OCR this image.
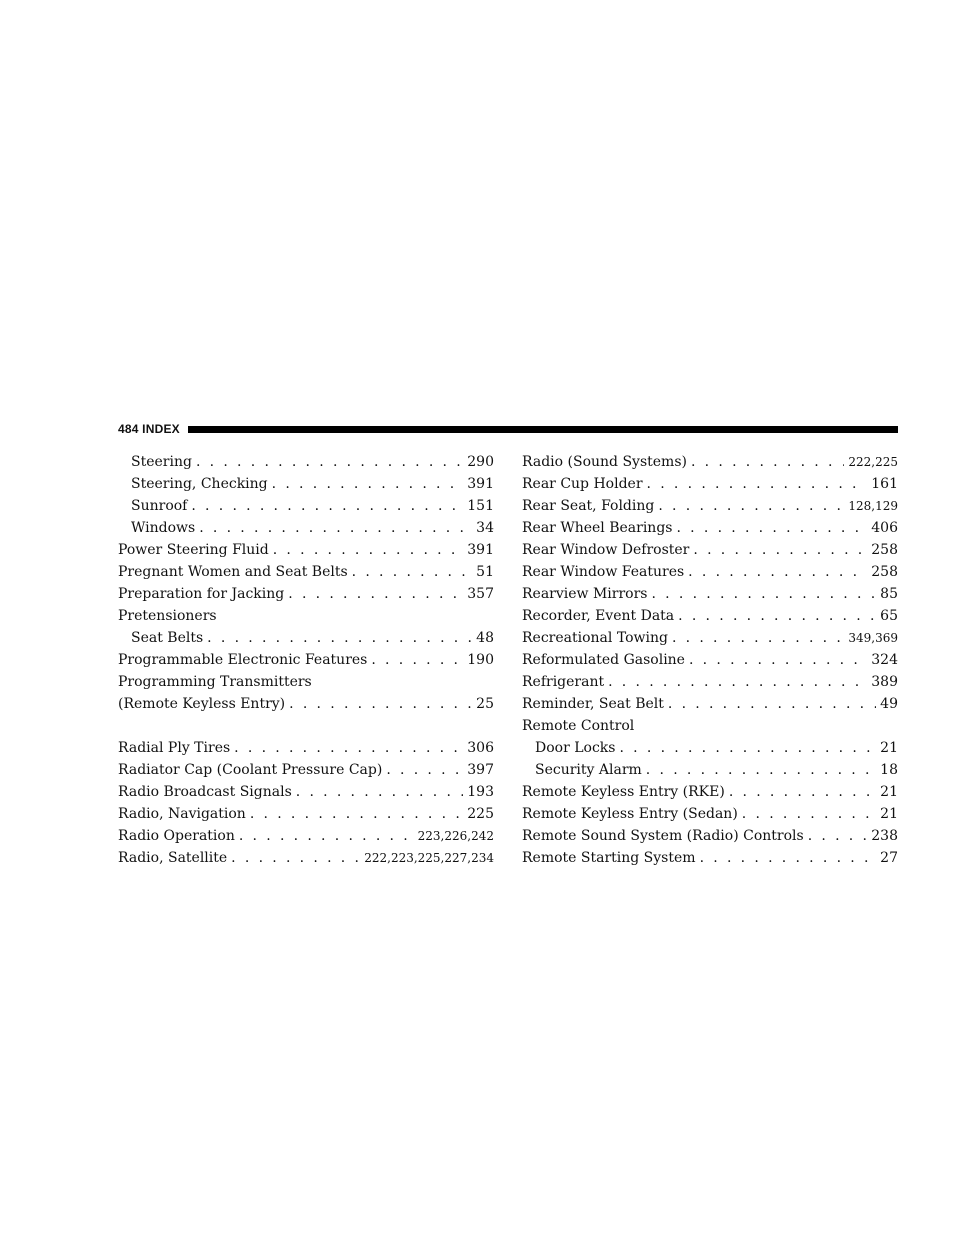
484 INDEX
Steering . . .	290
Steering, Checking . . .	391
Sunroof . . .	151
Windows . . .	34
Power Steering Fluid . . .	391
Pregnant Women and Seat Belts . . .	51
Preparation for Jacking . . .	357
Pretensioners
Seat Belts . . .	48
Programmable Electronic Features . . .	190
Programming Transmitters
(Remote Keyless Entry) . . .	25
Radial Ply Tires . . .	306
Radiator Cap (Coolant Pressure Cap) . . .	397
Radio Broadcast Signals . . .	193
Radio, Navigation . . .	225
Radio Operation . . .	223,226,242
Radio, Satellite . . .	222,223,225,227,234
Radio (Sound Systems) . . .	222,225
Rear Cup Holder . . .	161
Rear Seat, Folding . . .	128,129
Rear Wheel Bearings . . .	406
Rear Window Defroster . . .	258
Rear Window Features . . .	258
Rearview Mirrors . . .	85
Recorder, Event Data . . .	65
Recreational Towing . . .	349,369
Reformulated Gasoline . . .	324
Refrigerant . . .	389
Reminder, Seat Belt . . .	49
Remote Control
Door Locks . . .	21
Security Alarm . . .	18
Remote Keyless Entry (RKE) . . .	21
Remote Keyless Entry (Sedan) . . .	21
Remote Sound System (Radio) Controls . . .	238
Remote Starting System . . .	27
